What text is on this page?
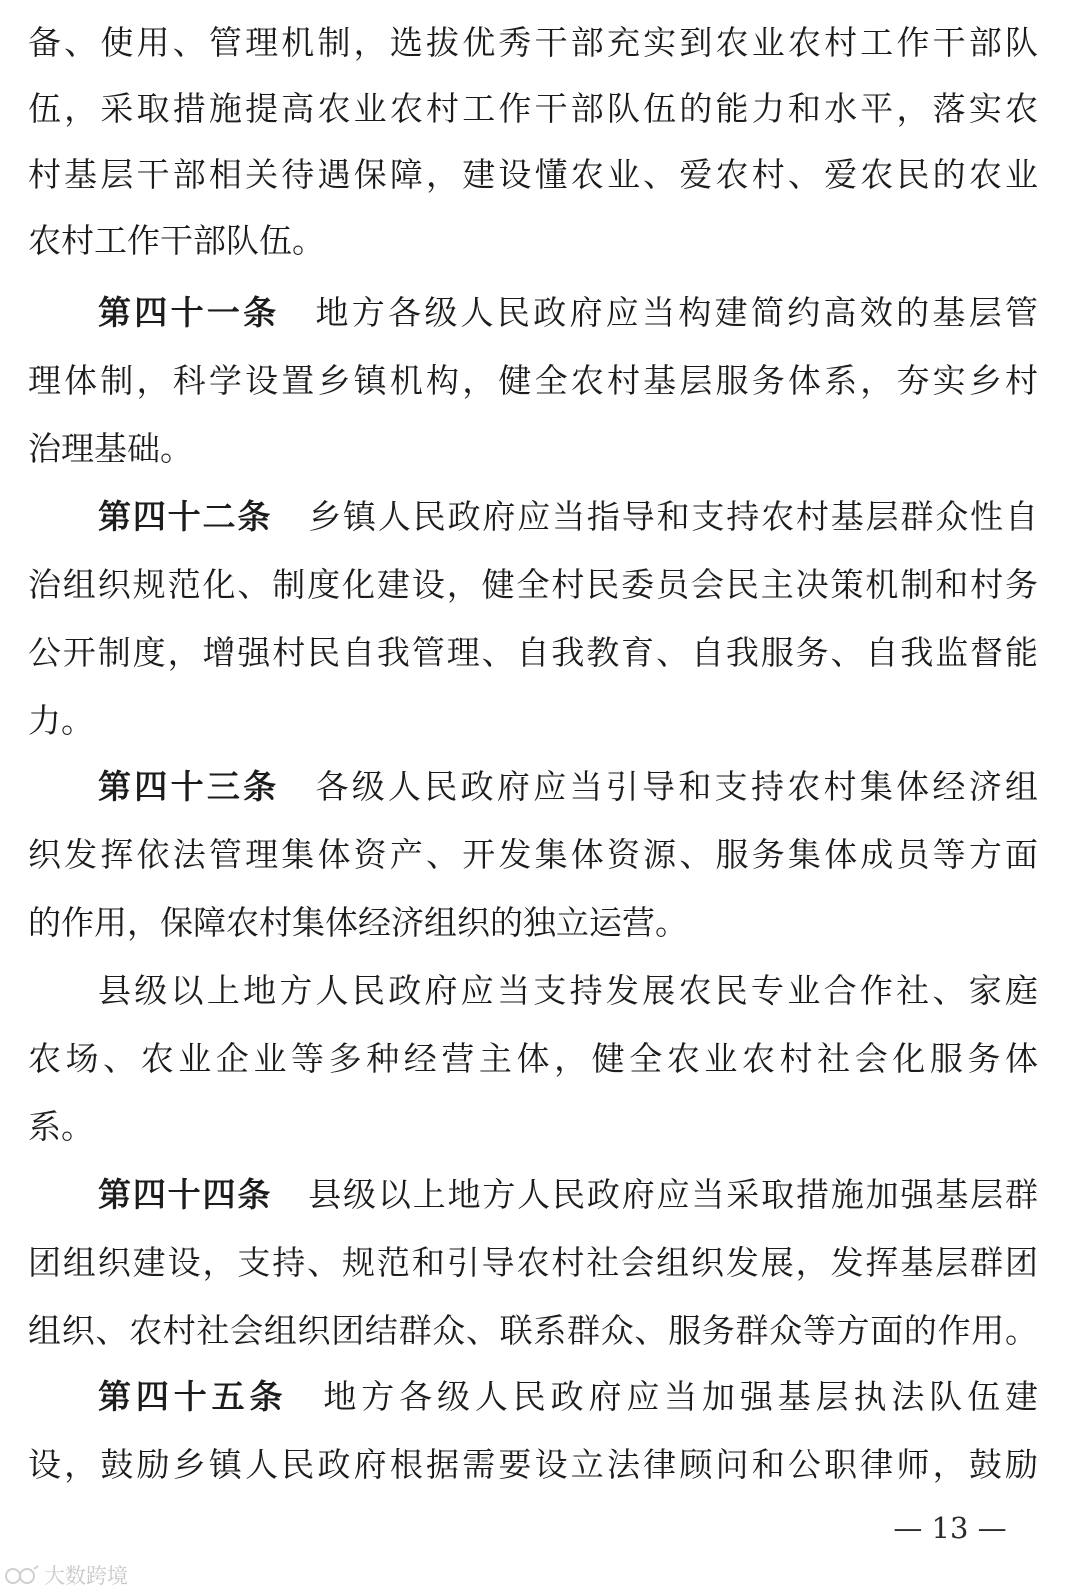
备、使用、管理机制，选拔优秀干部充实到农业农村工作干部队
伍，采取措施提高农业农村工作干部队伍的能力和水平，落实农
村基层干部相关待遇保障，建设懂农业、爱农村、爱农民的农业
农村工作干部队伍。
第四十一条 地方各级人民政府应当构建简约高效的基层管
理体制，科学设置乡镇机构，健全农村基层服务体系，夯实乡村
治理基础。
第四十二条 乡镇人民政府应当指导和支持农村基层群众性自
治组织规范化、制度化建设，健全村民委员会民主决策机制和村务
公开制度，增强村民自我管理、自我教育、自我服务、自我监督能
力。
第四十三条 各级人民政府应当引导和支持农村集体经济组
织发挥依法管理集体资产、开发集体资源、服务集体成员等方面
的作用，保障农村集体经济组织的独立运营。
县级以上地方人民政府应当支持发展农民专业合作社、家庭
农场、农业企业等多种经营主体，健全农业农村社会化服务体
系。
第四十四条 县级以上地方人民政府应当采取措施加强基层群
团组织建设，支持、规范和引导农村社会组织发展，发挥基层群团
组织、农村社会组织团结群众、联系群众、服务群众等方面的作用。
第四十五条 地方各级人民政府应当加强基层执法队伍建
设，鼓励乡镇人民政府根据需要设立法律顾问和公职律师，鼓励
— 13 —
大数跨境
